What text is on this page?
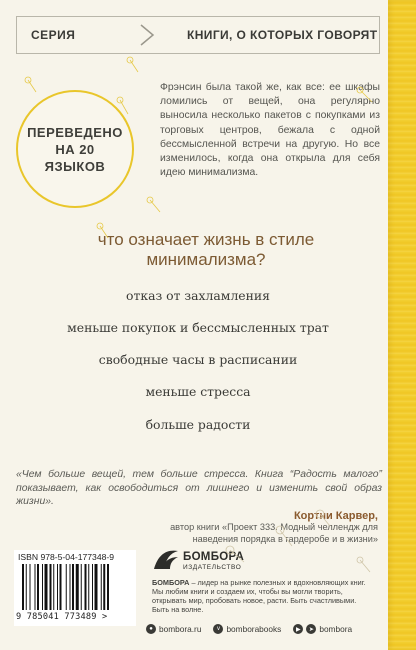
СЕРИЯ	КНИГИ, О КОТОРЫХ ГОВОРЯТ
ПЕРЕВЕДЕНО
НА 20
ЯЗЫКОВ

Фрэнсин была такой же, как все: ее шкафы ломились от вещей, она регулярно выносила несколько пакетов с покупками из торговых центров, бежала с одной бессмысленной встречи на другую. Но все изменилось, когда она открыла для себя идею минимализма.

что означает жизнь в стиле минимализма?

отказ от захламления

меньше покупок и бессмысленных трат

свободные часы в расписании

меньше стресса

больше радости

«Чем больше вещей, тем больше стресса. Книга “Радость малого” показывает, как освободиться от лишнего и изменить свой образ жизни».

Кортни Карвер,

автор книги «Проект 333. Модный челлендж для наведения порядка в гардеробе и в жизни»

ISBN 978-5-04-177348-9
9 785041 773489 >
БОМБОРА
ИЗДАТЕЛЬСТВО

БОМБОРА – лидер на рынке полезных и вдохновляющих книг. Мы любим книги и создаем их, чтобы вы могли творить, открывать мир, пробовать новое, расти. Быть счастливыми. Быть на волне.

● bombora.ru	v bomborabooks	▶	➤ bombora
